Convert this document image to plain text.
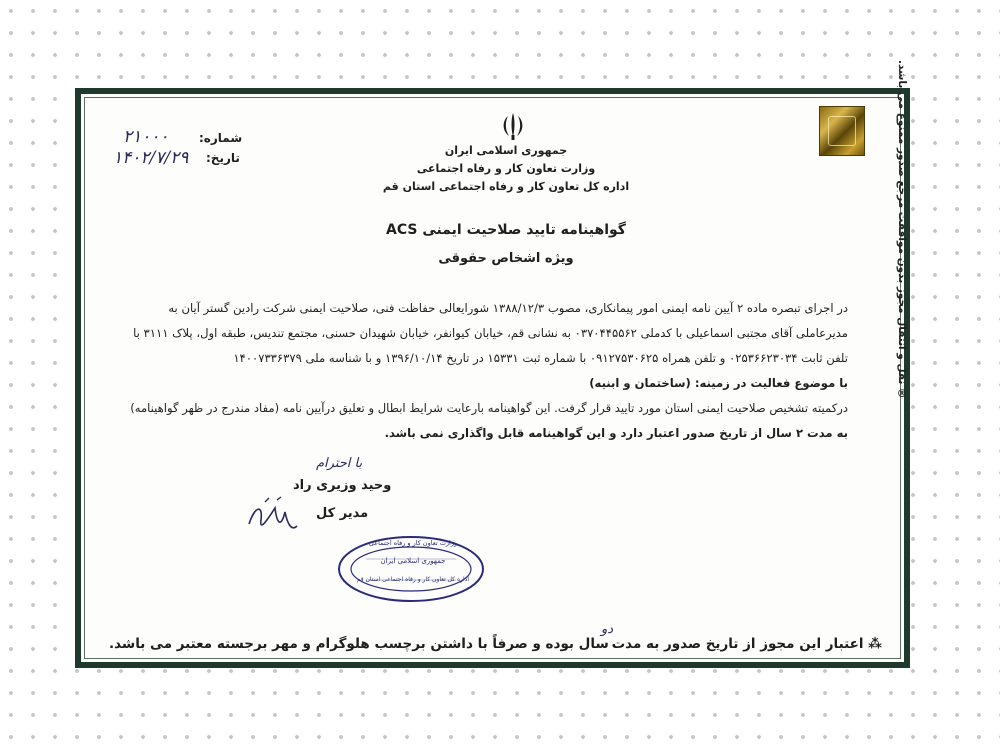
شماره:
تاریخ:
۲۱۰۰۰
۱۴۰۲/۷/۲۹	جمهوری اسلامی ایران
وزارت تعاون کار و رفاه اجتماعی
اداره کل تعاون کار و رفاه اجتماعی استان قم
گواهینامه تایید صلاحیت ایمنی ACS
ویژه اشخاص حقوقی
در اجرای تبصره ماده ۲ آیین نامه ایمنی امور پیمانکاری، مصوب ۱۳۸۸/۱۲/۳ شورایعالی حفاظت فنی، صلاحیت ایمنی شرکت رادین گستر آیان به
مدیرعاملی آقای مجتبی اسماعیلی با کدملی ۰۳۷۰۴۴۵۵۶۲ به نشانی قم، خیابان کیوانفر، خیابان شهیدان حسنی، مجتمع تندیس، طبقه اول، پلاک ۳۱۱۱ با
تلفن ثابت ۰۲۵۳۶۶۲۳۰۳۴ و تلفن همراه ۰۹۱۲۷۵۳۰۶۲۵ با شماره ثبت ۱۵۳۳۱ در تاریخ ۱۳۹۶/۱۰/۱۴ و با شناسه ملی ۱۴۰۰۷۳۳۶۳۷۹
با موضوع فعالیت در زمینه: (ساختمان و ابنیه)
درکمیته تشخیص صلاحیت ایمنی استان مورد تایید قرار گرفت. این گواهینامه بارعایت شرایط ابطال و تعلیق درآیین نامه (مفاد مندرج در ظهر گواهینامه)
به مدت ۲ سال از تاریخ صدور اعتبار دارد و این گواهینامه قابل واگذاری نمی باشد.
با احترام
وحید وزیری راد
مدیر کل
وزارت تعاون کار و رفاه اجتماعی
جمهوری اسلامی ایران
اداره کل تعاون کار و رفاه اجتماعی استان قم
⁂ اعتبار این مجوز از تاریخ صدور به مدت
دو
سال بوده و صرفاً با داشتن برچسب هلوگرام و مهر برجسته معتبر می باشد.
® نقل و انتقال مجوز بدون موافقت مرجع صدور ممنوع می باشد.
